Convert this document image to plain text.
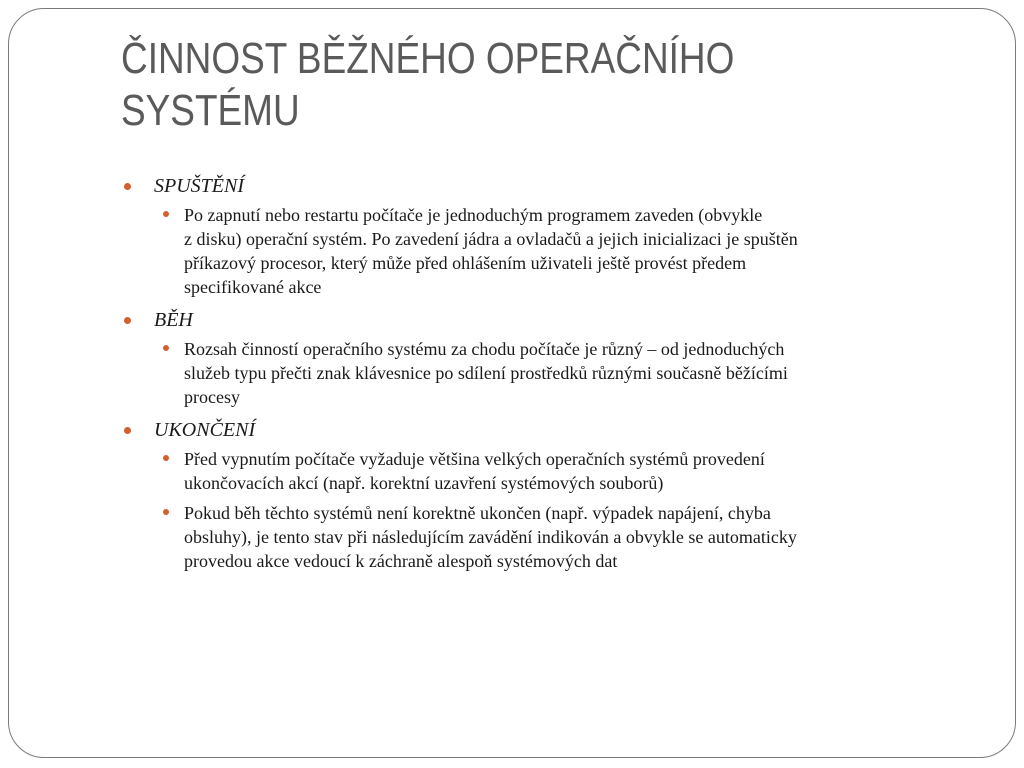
ČINNOST BĚŽNÉHO OPERAČNÍHO
SYSTÉMU
SPUŠTĚNÍ
Po zapnutí nebo restartu počítače je jednoduchým programem zaveden (obvykle
z disku) operační systém. Po zavedení jádra a ovladačů a jejich inicializaci je spuštěn
příkazový procesor, který může před ohlášením uživateli ještě provést předem
specifikované akce
BĚH
Rozsah činností operačního systému za chodu počítače je různý – od jednoduchých
služeb typu přečti znak klávesnice po sdílení prostředků různými současně běžícími
procesy
UKONČENÍ
Před vypnutím počítače vyžaduje většina velkých operačních systémů provedení
ukončovacích akcí (např. korektní uzavření systémových souborů)
Pokud běh těchto systémů není korektně ukončen (např. výpadek napájení, chyba
obsluhy), je tento stav při následujícím zavádění indikován a obvykle se automaticky
provedou akce vedoucí k záchraně alespoň systémových dat
